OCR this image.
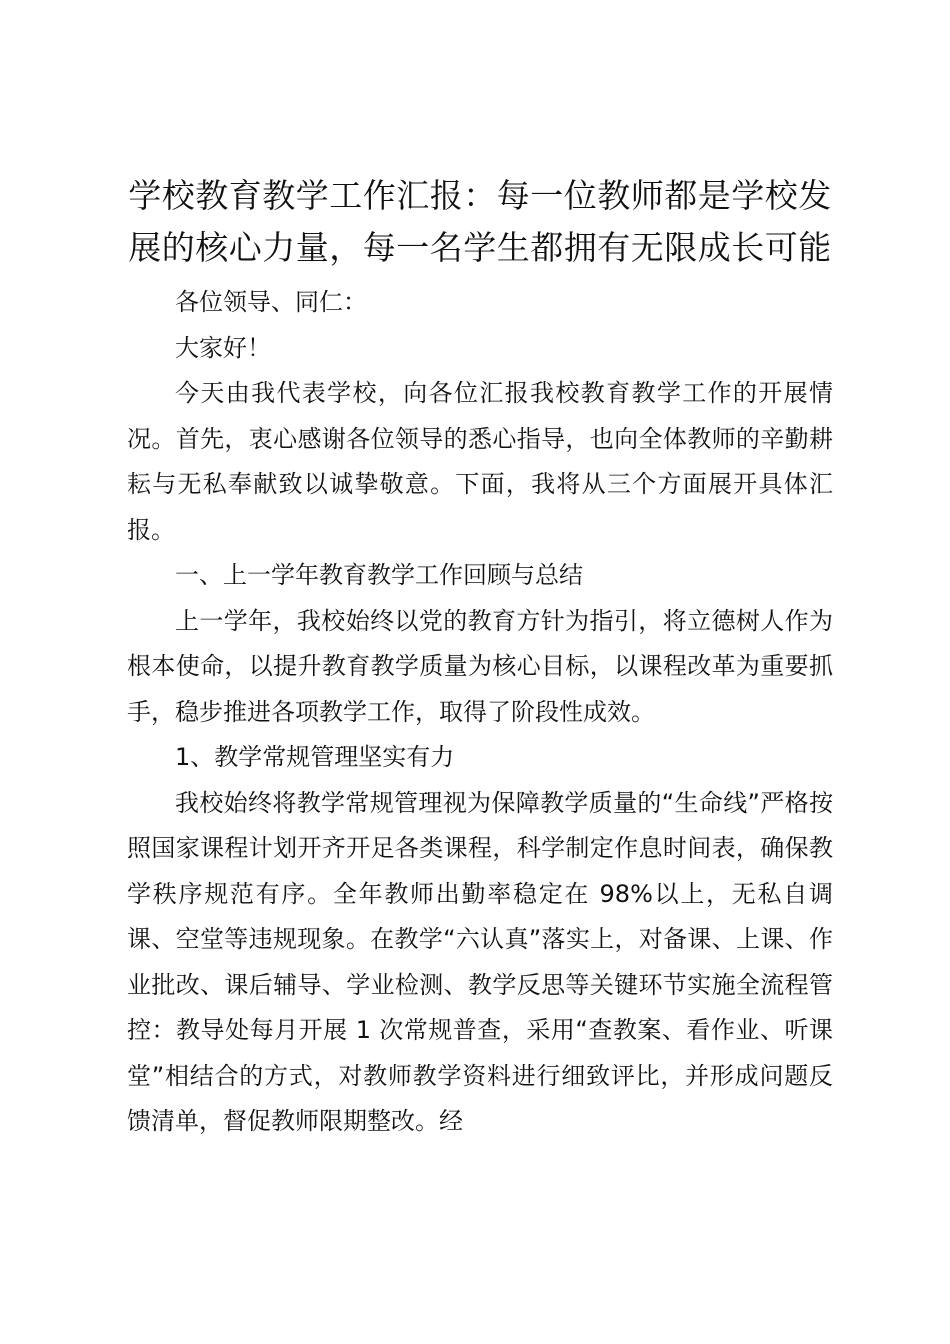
学校教育教学工作汇报：每一位教师都是学校发展的核心力量，每一名学生都拥有无限成长可能

各位领导、同仁：

大家好！

今天由我代表学校，向各位汇报我校教育教学工作的开展情况。首先，衷心感谢各位领导的悉心指导，也向全体教师的辛勤耕耘与无私奉献致以诚挚敬意。下面，我将从三个方面展开具体汇报。

一、上一学年教育教学工作回顾与总结

上一学年，我校始终以党的教育方针为指引，将立德树人作为根本使命，以提升教育教学质量为核心目标，以课程改革为重要抓手，稳步推进各项教学工作，取得了阶段性成效。

1、教学常规管理坚实有力

我校始终将教学常规管理视为保障教学质量的“生命线”严格按照国家课程计划开齐开足各类课程，科学制定作息时间表，确保教学秩序规范有序。全年教师出勤率稳定在 98%以上，无私自调课、空堂等违规现象。在教学“六认真”落实上，对备课、上课、作业批改、课后辅导、学业检测、教学反思等关键环节实施全流程管控：教导处每月开展 1 次常规普查，采用“查教案、看作业、听课堂”相结合的方式，对教师教学资料进行细致评比，并形成问题反馈清单，督促教师限期整改。经
